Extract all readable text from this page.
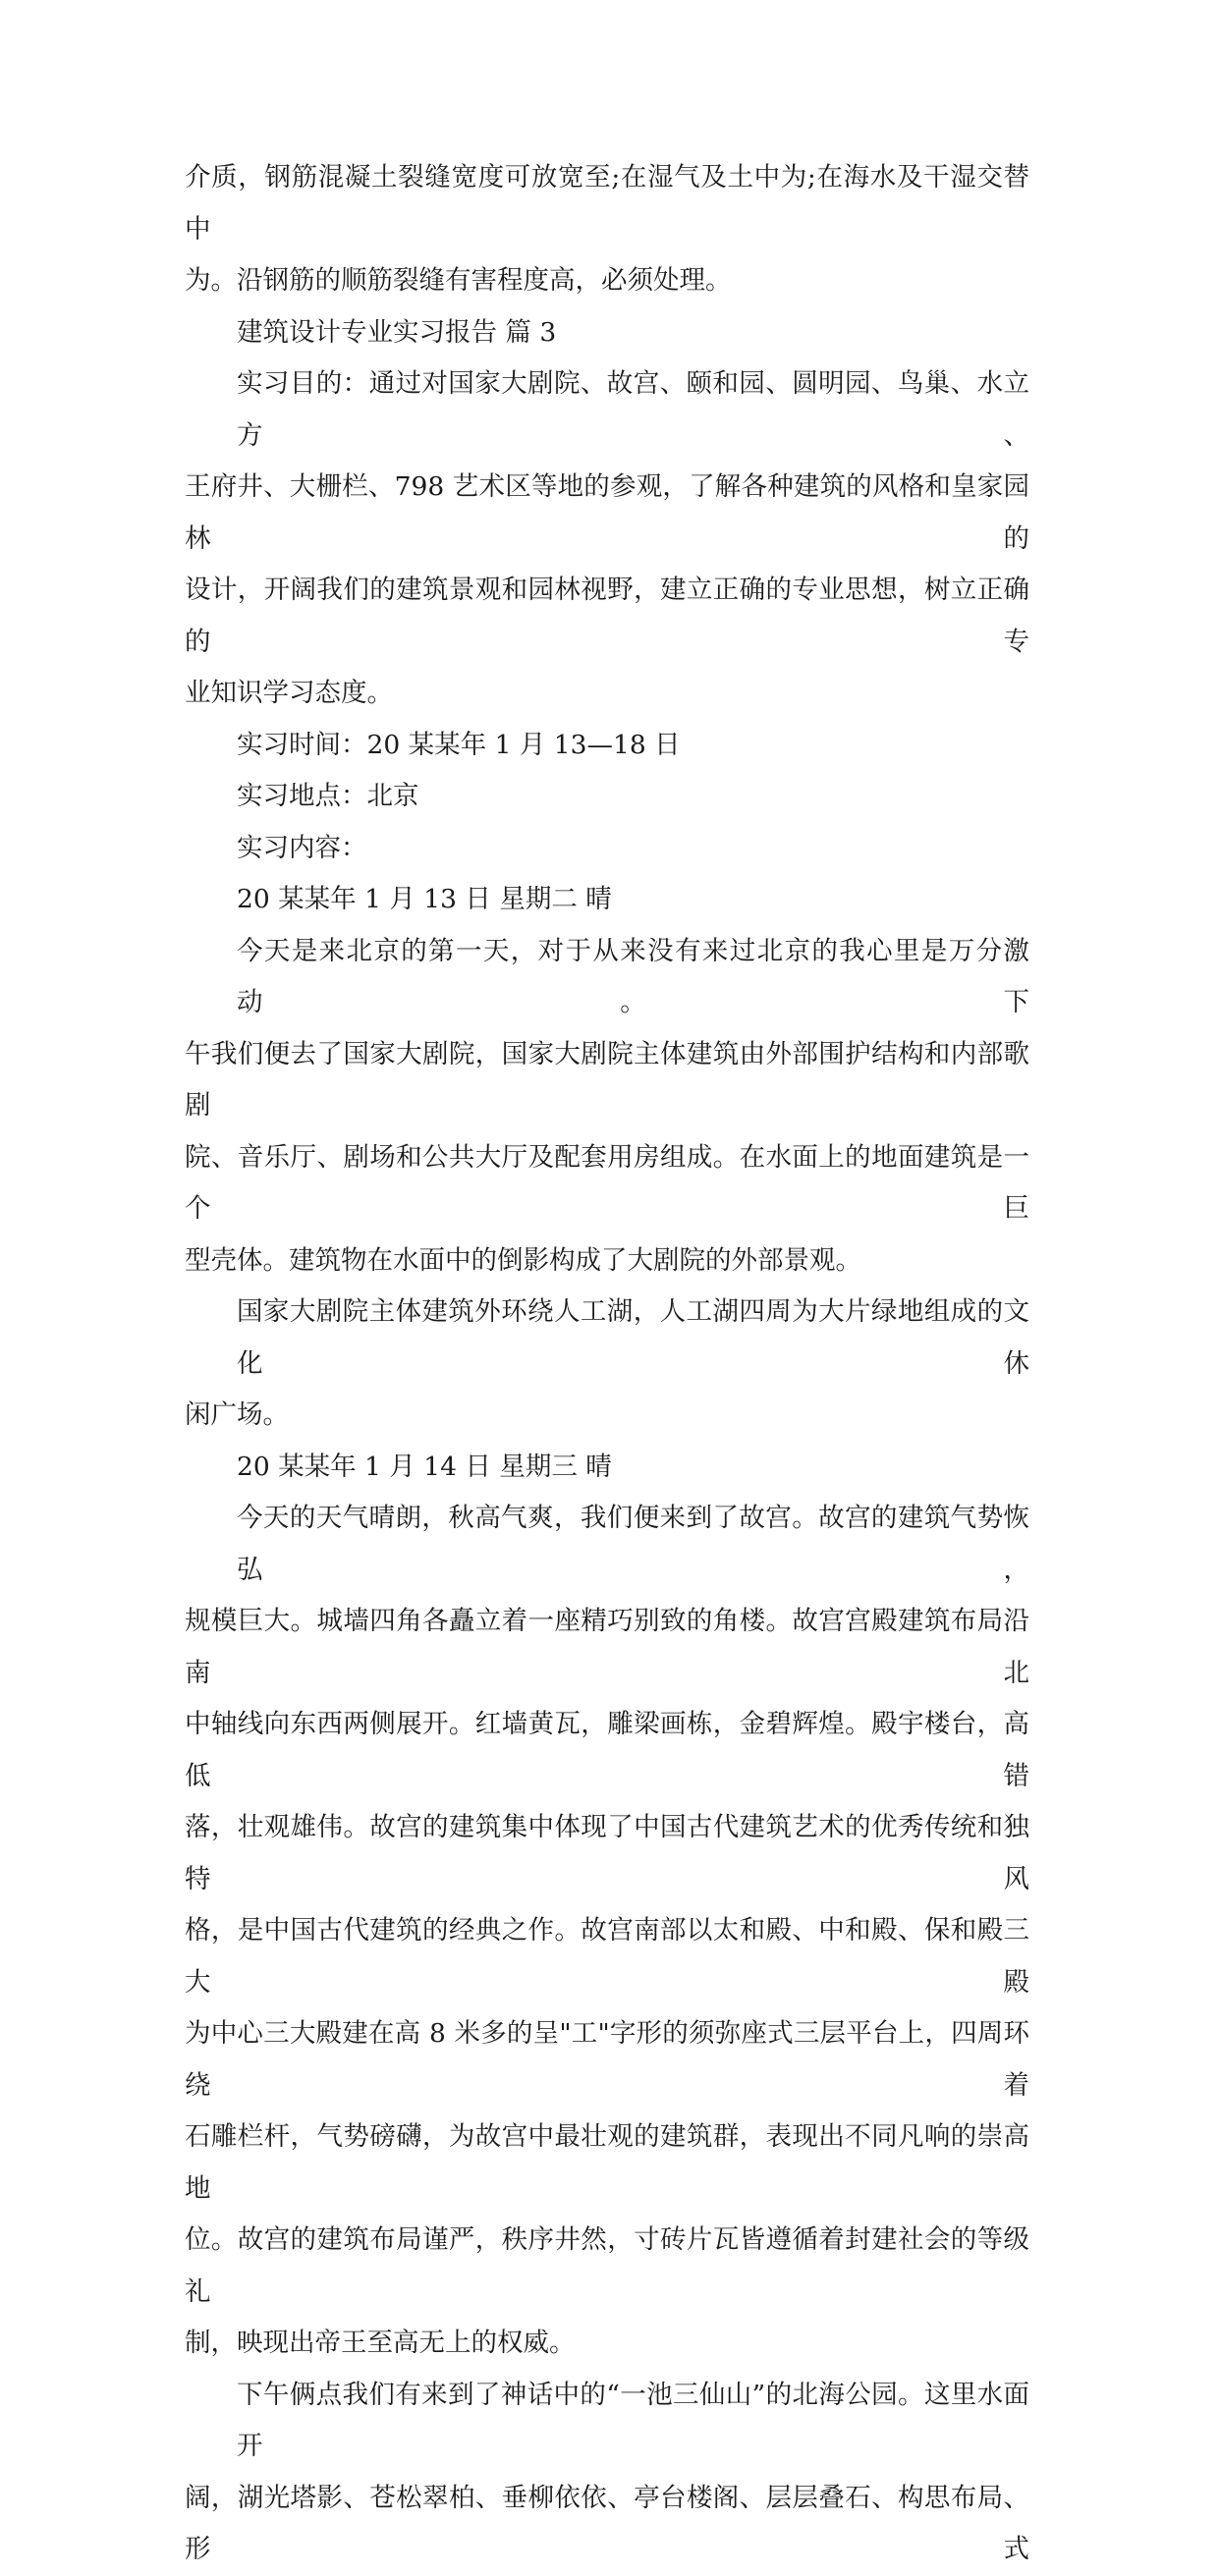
介质，钢筋混凝土裂缝宽度可放宽至;在湿气及土中为;在海水及干湿交替中
为。沿钢筋的顺筋裂缝有害程度高，必须处理。
建筑设计专业实习报告 篇 3
实习目的：通过对国家大剧院、故宫、颐和园、圆明园、鸟巢、水立方、
王府井、大栅栏、798 艺术区等地的参观，了解各种建筑的风格和皇家园林的
设计，开阔我们的建筑景观和园林视野，建立正确的专业思想，树立正确的专
业知识学习态度。
实习时间：20 某某年 1 月 13—18 日
实习地点：北京
实习内容：
20 某某年 1 月 13 日 星期二 晴
今天是来北京的第一天，对于从来没有来过北京的我心里是万分激动。下
午我们便去了国家大剧院，国家大剧院主体建筑由外部围护结构和内部歌剧
院、音乐厅、剧场和公共大厅及配套用房组成。在水面上的地面建筑是一个巨
型壳体。建筑物在水面中的倒影构成了大剧院的外部景观。
国家大剧院主体建筑外环绕人工湖，人工湖四周为大片绿地组成的文化休
闲广场。
20 某某年 1 月 14 日 星期三 晴
今天的天气晴朗，秋高气爽，我们便来到了故宫。故宫的建筑气势恢弘，
规模巨大。城墙四角各矗立着一座精巧别致的角楼。故宫宫殿建筑布局沿南北
中轴线向东西两侧展开。红墙黄瓦，雕梁画栋，金碧辉煌。殿宇楼台，高低错
落，壮观雄伟。故宫的建筑集中体现了中国古代建筑艺术的优秀传统和独特风
格，是中国古代建筑的经典之作。故宫南部以太和殿、中和殿、保和殿三大殿
为中心三大殿建在高 8 米多的呈"工"字形的须弥座式三层平台上，四周环绕着
石雕栏杆，气势磅礴，为故宫中最壮观的建筑群，表现出不同凡响的崇高地
位。故宫的建筑布局谨严，秩序井然，寸砖片瓦皆遵循着封建社会的等级礼
制，映现出帝王至高无上的权威。
下午俩点我们有来到了神话中的“一池三仙山”的北海公园。这里水面开
阔，湖光塔影、苍松翠柏、垂柳依依、亭台楼阁、层层叠石、构思布局、形式
